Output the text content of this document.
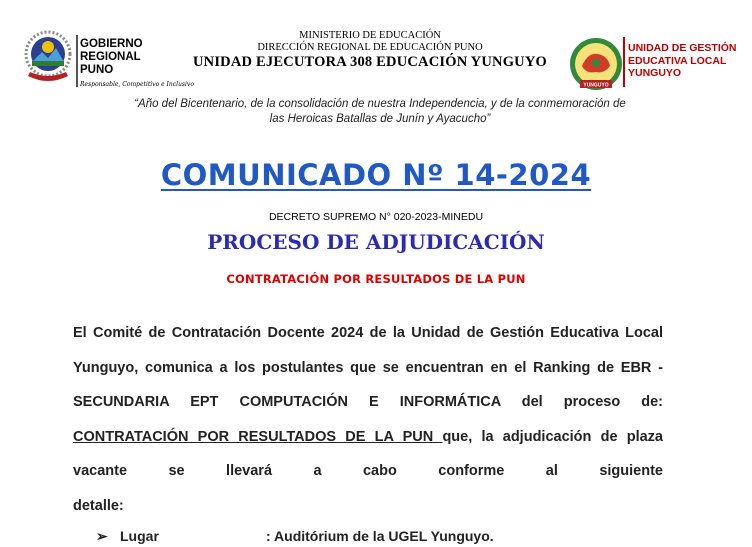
GOBIERNO
REGIONAL
PUNO
Responsable, Competitivo e Inclusivo
MINISTERIO DE EDUCACIÓN
DIRECCIÓN REGIONAL DE EDUCACIÓN PUNO
UNIDAD EJECUTORA 308 EDUCACIÓN YUNGUYO
YUNGUYO
UNIDAD DE GESTIÓN
EDUCATIVA LOCAL
YUNGUYO
“Año del Bicentenario, de la consolidación de nuestra Independencia, y de la conmemoración de
las Heroicas Batallas de Junín y Ayacucho”
COMUNICADO Nº 14-2024
DECRETO SUPREMO N° 020-2023-MINEDU
PROCESO DE ADJUDICACIÓN
CONTRATACIÓN POR RESULTADOS DE LA PUN
El Comité de Contratación Docente 2024 de la Unidad de Gestión Educativa Local Yunguyo, comunica a los postulantes que se encuentran en el Ranking de EBR - SECUNDARIA EPT COMPUTACIÓN E INFORMÁTICA del proceso de: CONTRATACIÓN POR RESULTADOS DE LA PUN que, la adjudicación de plaza vacante se llevará a cabo conforme al siguiente
detalle:
➢ Lugar	: Auditórium de la UGEL Yunguyo.
